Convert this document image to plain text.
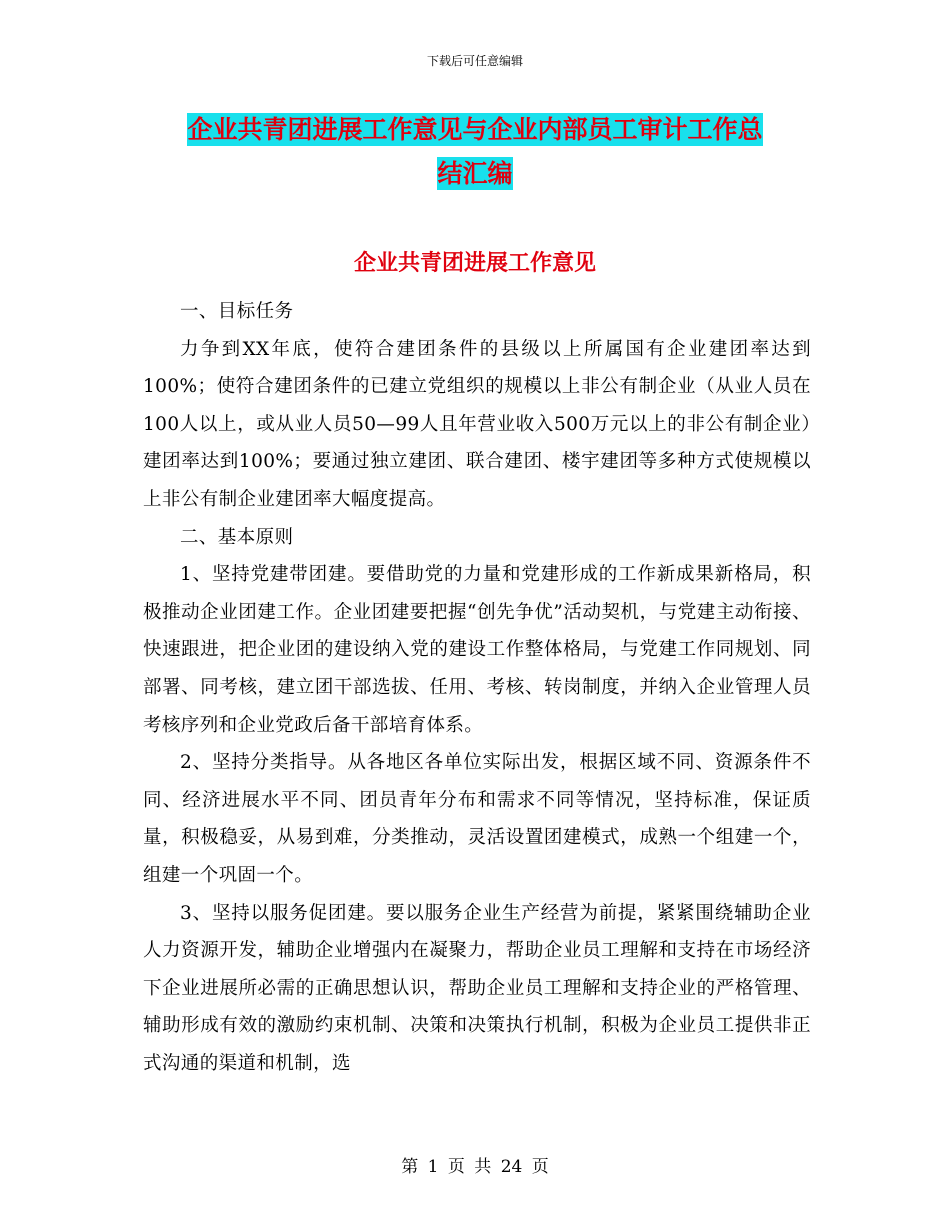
下载后可任意编辑
企业共青团进展工作意见与企业内部员工审计工作总
结汇编
企业共青团进展工作意见

一、目标任务

力争到XX年底，使符合建团条件的县级以上所属国有企业建团率达到100%；使符合建团条件的已建立党组织的规模以上非公有制企业（从业人员在100人以上，或从业人员50—99人且年营业收入500万元以上的非公有制企业）建团率达到100%；要通过独立建团、联合建团、楼宇建团等多种方式使规模以上非公有制企业建团率大幅度提高。

二、基本原则

1、坚持党建带团建。要借助党的力量和党建形成的工作新成果新格局，积极推动企业团建工作。企业团建要把握“创先争优”活动契机，与党建主动衔接、快速跟进，把企业团的建设纳入党的建设工作整体格局，与党建工作同规划、同部署、同考核，建立团干部选拔、任用、考核、转岗制度，并纳入企业管理人员考核序列和企业党政后备干部培育体系。

2、坚持分类指导。从各地区各单位实际出发，根据区域不同、资源条件不同、经济进展水平不同、团员青年分布和需求不同等情况，坚持标准，保证质量，积极稳妥，从易到难，分类推动，灵活设置团建模式，成熟一个组建一个，组建一个巩固一个。

3、坚持以服务促团建。要以服务企业生产经营为前提，紧紧围绕辅助企业人力资源开发，辅助企业增强内在凝聚力，帮助企业员工理解和支持在市场经济下企业进展所必需的正确思想认识，帮助企业员工理解和支持企业的严格管理、辅助形成有效的激励约束机制、决策和决策执行机制，积极为企业员工提供非正式沟通的渠道和机制，选

第 1 页 共 24 页
